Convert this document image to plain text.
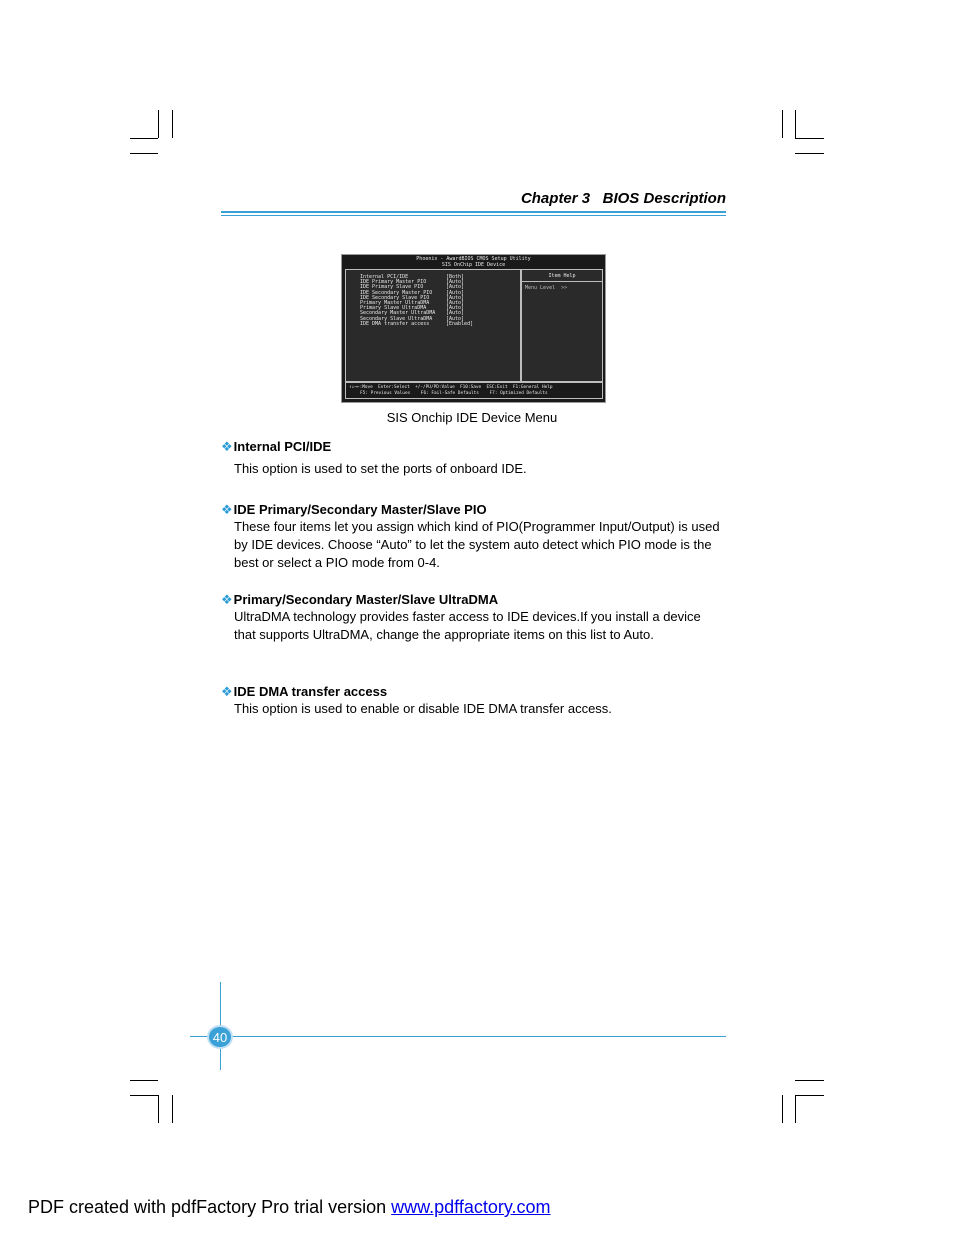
Chapter 3 BIOS Description
Phoenix - AwardBIOS CMOS Setup Utility
SIS OnChip IDE Device
Internal PCI/IDE	[Both]
IDE Primary Master PIO	[Auto]
IDE Primary Slave PIO	[Auto]
IDE Secondary Master PIO	[Auto]
IDE Secondary Slave PIO	[Auto]
Primary Master UltraDMA	[Auto]
Primary Slave UltraDMA	[Auto]
Secondary Master UltraDMA [Auto]
Secondary Slave UltraDMA	[Auto]
IDE DMA transfer access	[Enabled]
Item Help
Menu Level  >>
↑↓→←:Move  Enter:Select  +/-/PU/PD:Value  F10:Save  ESC:Exit  F1:General Help
F5: Previous Values    F6: Fail-Safe Defaults    F7: Optimized Defaults
SIS Onchip IDE Device Menu
❖Internal PCI/IDE
This option is used to set the ports of onboard IDE.
❖IDE Primary/Secondary Master/Slave PIO
These four items let you assign which kind of PIO(Programmer Input/Output) is used by IDE devices. Choose “Auto” to let the system auto detect which PIO mode is the best or select a PIO mode from 0-4.
❖Primary/Secondary Master/Slave UltraDMA
UltraDMA technology provides faster access to IDE devices.If you install a device that supports UltraDMA, change the appropriate items on this list to Auto.
❖IDE DMA transfer access
This option is used to enable or disable IDE DMA transfer access.
40
PDF created with pdfFactory Pro trial version www.pdffactory.com
